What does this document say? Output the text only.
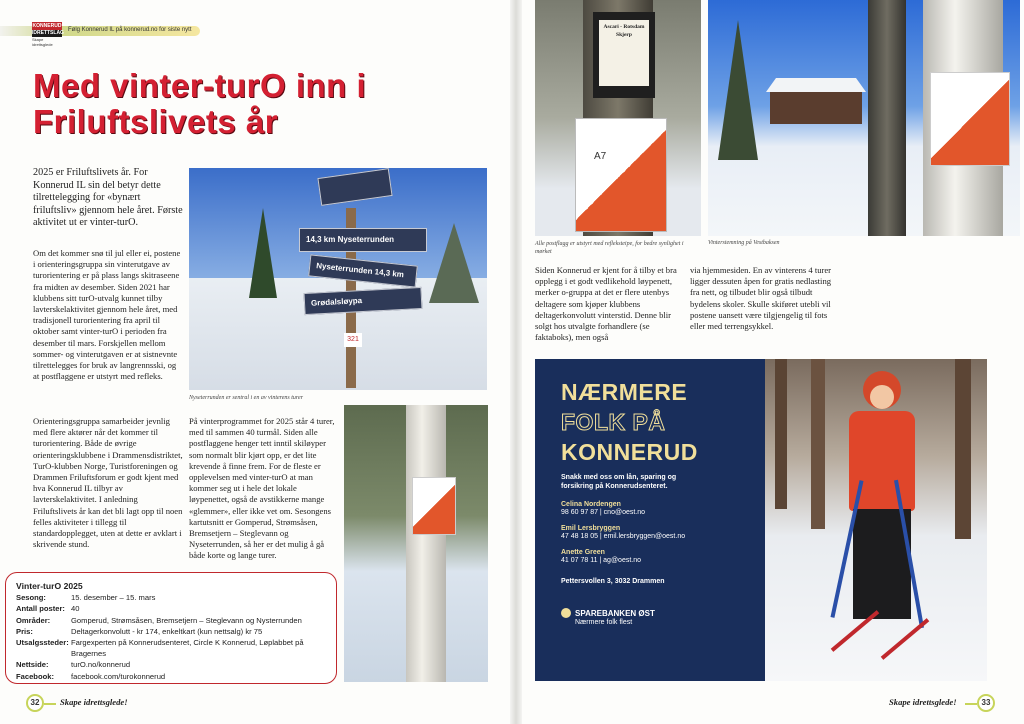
KONNERUD
IDRETTSLAG
Skape idrettsglede
Følg Konnerud IL på konnerud.no for siste nytt
Med vinter-turO inn i Friluftslivets år
2025 er Friluftslivets år. For Konnerud IL sin del betyr dette tilrettelegging for «bynært friluftsliv» gjennom hele året. Første aktivitet ut er vinter-turO.
Om det kommer snø til jul eller ei, postene i orienteringsgruppa sin vinterutgave av turorientering er på plass langs skitraseene fra midten av desember. Siden 2021 har klubbens sitt turO-utvalg kunnet tilby lavterskelaktivitet gjennom hele året, med tradisjonell turorientering fra april til oktober samt vinter-turO i perioden fra desember til mars. Forskjellen mellom sommer- og vinterutgaven er at sistnevnte tilrettelegges for bruk av langrennsski, og at postflaggene er utstyrt med refleks.
Orienteringsgruppa samarbeider jevnlig med flere aktører når det kommer til turorientering. Både de øvrige orienteringsklubbene i Drammensdistriktet, TurO-klubben Norge, Turistforeningen og Drammen Friluftsforum er godt kjent med hva Konnerud IL tilbyr av lavterskelaktivitet. I anledning Friluftslivets år kan det bli lagt opp til noen felles aktiviteter i tillegg til standardopplegget, uten at dette er avklart i skrivende stund.
På vinterprogrammet for 2025 står 4 turer, med til sammen 40 turmål. Siden alle postflaggene henger tett inntil skiløyper som normalt blir kjørt opp, er det lite krevende å finne frem. For de fleste er opplevelsen med vinter-turO at man kommer seg ut i hele det lokale løypenettet, også de avstikkerne mange «glemmer», eller ikke vet om. Sesongens kartutsnitt er Gomperud, Strømsåsen, Bremsetjern – Steglevann og Nyseterrunden, så her er det mulig å gå både korte og lange turer.
14,3 km Nyseterrunden
Nyseterrunden 14,3 km
Grødalsløypa
321
Nyseterrunden er sentral i en av vinterens turer
Vinter-turO 2025
Sesong:	15. desember – 15. mars
Antall poster: 40
Områder:	Gomperud, Strømsåsen, Bremsetjern – Steglevann og Nysterrunden
Pris:	Deltagerkonvolutt - kr 174, enkeltkart (kun nettsalg) kr 75
Utsalgssteder: Fargexperten på Konnerudsenteret, Circle K Konnerud, Løplabbet på Bragernes
Nettside:	turO.no/konnerud
Facebook:	facebook.com/turokonnerud
32	Skape idrettsglede!
Ascari - Rotsdam
Skjerp
A7
Alle postflagg er utstyrt med refleksteipe, for bedre synlighet i mørket
Vinterstemning på Vestbaksen
Siden Konnerud er kjent for å tilby et bra opplegg i et godt vedlikehold løypenett, merker o-gruppa at det er flere utenbys deltagere som kjøper klubbens deltagerkonvolutt vinterstid. Denne blir solgt hos utvalgte forhandlere (se faktaboks), men også
via hjemmesiden. En av vinterens 4 turer ligger dessuten åpen for gratis nedlasting fra nett, og tilbudet blir også tilbudt bydelens skoler. Skulle skiføret utebli vil postene uansett være tilgjengelig til fots eller med terrengsykkel.
NÆRMERE
FOLK PÅ
KONNERUD
Snakk med oss om lån, sparing og forsikring på Konnerudsenteret.
Celina Nordengen
98 60 97 87 | cno@oest.no
Emil Lersbryggen
47 48 18 05 | emil.lersbryggen@oest.no
Anette Green
41 07 78 11 | ag@oest.no
Pettersvollen 3, 3032 Drammen
SPAREBANKEN ØST
Nærmere folk flest
Skape idrettsglede!	33
